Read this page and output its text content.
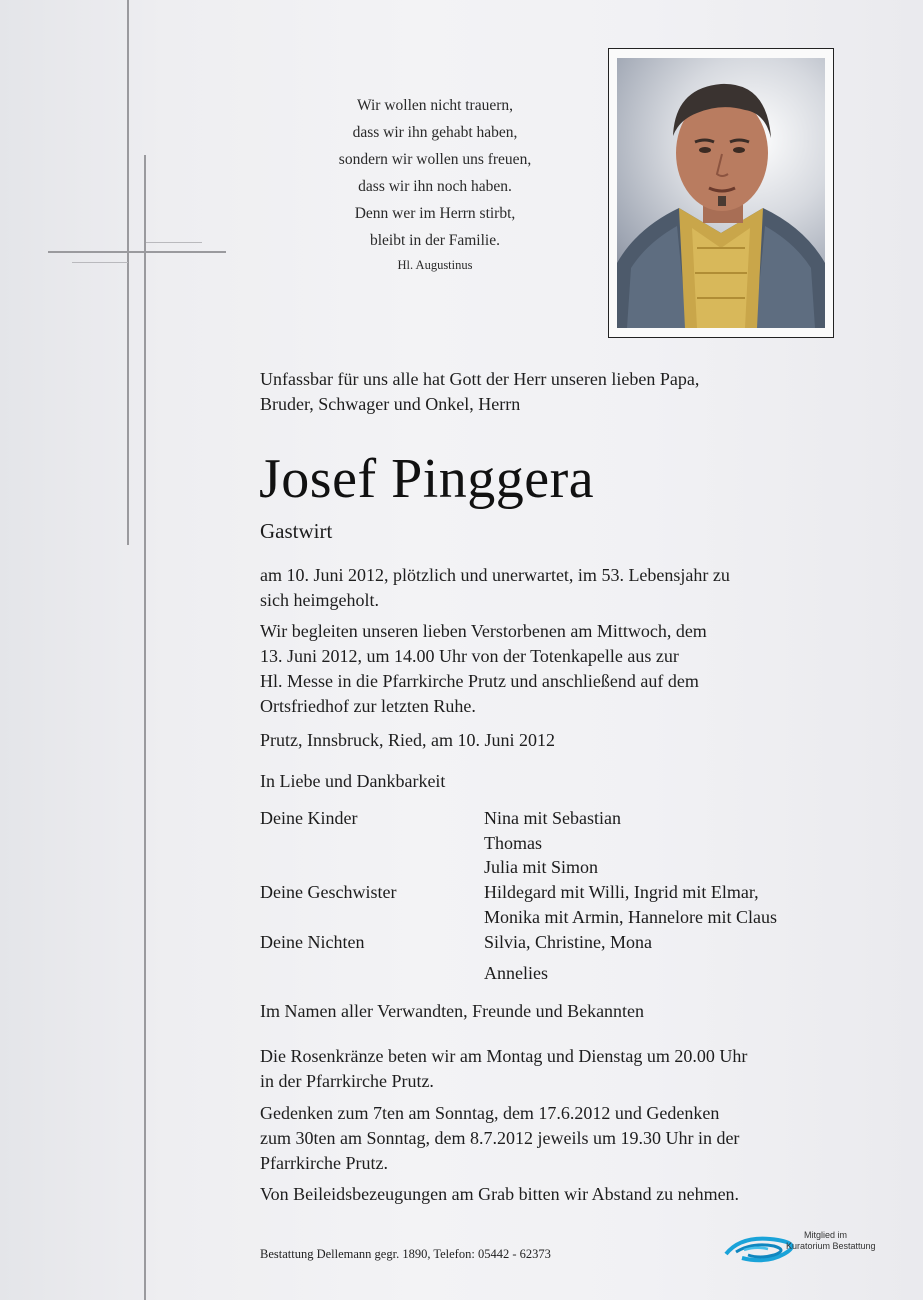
Wir wollen nicht trauern,
dass wir ihn gehabt haben,
sondern wir wollen uns freuen,
dass wir ihn noch haben.
Denn wer im Herrn stirbt,
bleibt in der Familie.
Hl. Augustinus
Unfassbar für uns alle hat Gott der Herr unseren lieben Papa,
Bruder, Schwager und Onkel, Herrn
Josef Pinggera
Gastwirt
am 10. Juni 2012, plötzlich und unerwartet, im 53. Lebensjahr zu
sich heimgeholt.
Wir begleiten unseren lieben Verstorbenen am Mittwoch, dem
13. Juni 2012, um 14.00 Uhr von der Totenkapelle aus zur
Hl. Messe in die Pfarrkirche Prutz und anschließend auf dem
Ortsfriedhof zur letzten Ruhe.
Prutz, Innsbruck, Ried, am 10. Juni 2012
In Liebe und Dankbarkeit
Deine Kinder	Nina mit Sebastian
Thomas
Julia mit Simon
Deine Geschwister	Hildegard mit Willi, Ingrid mit Elmar,
Monika mit Armin, Hannelore mit Claus
Deine Nichten	Silvia, Christine, Mona
Annelies
Im Namen aller Verwandten, Freunde und Bekannten
Die Rosenkränze beten wir am Montag und Dienstag um 20.00 Uhr
in der Pfarrkirche Prutz.
Gedenken zum 7ten am Sonntag, dem 17.6.2012 und Gedenken
zum 30ten am Sonntag, dem 8.7.2012 jeweils um 19.30 Uhr in der
Pfarrkirche Prutz.
Von Beileidsbezeugungen am Grab bitten wir Abstand zu nehmen.
Bestattung Dellemann gegr. 1890, Telefon: 05442 - 62373
Mitglied im
Kuratorium Bestattung
